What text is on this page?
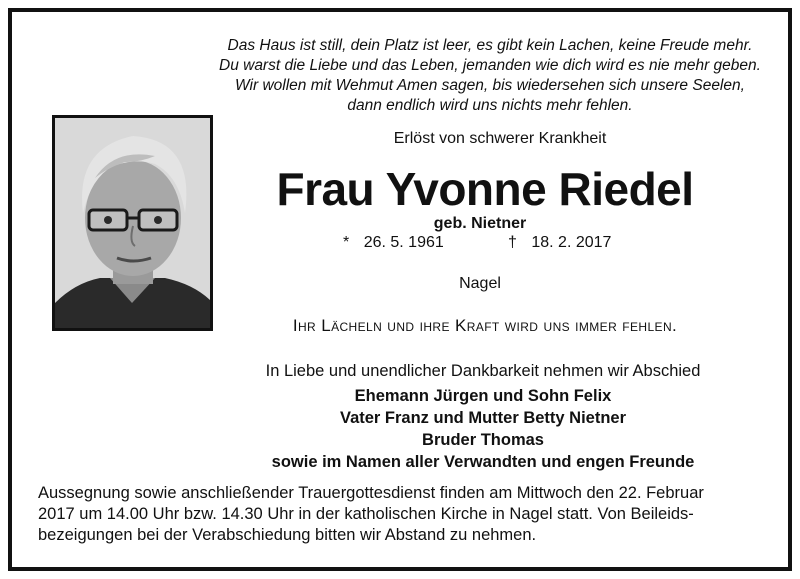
Das Haus ist still, dein Platz ist leer, es gibt kein Lachen, keine Freude mehr.
Du warst die Liebe und das Leben, jemanden wie dich wird es nie mehr geben.
Wir wollen mit Wehmut Amen sagen, bis wiedersehen sich unsere Seelen,
dann endlich wird uns nichts mehr fehlen.
Erlöst von schwerer Krankheit
Frau Yvonne Riedel
geb. Nietner
* 26. 5. 1961	† 18. 2. 2017
Nagel
Ihr Lächeln und ihre Kraft wird uns immer fehlen.
In Liebe und unendlicher Dankbarkeit nehmen wir Abschied
Ehemann Jürgen und Sohn Felix
Vater Franz und Mutter Betty Nietner
Bruder Thomas
sowie im Namen aller Verwandten und engen Freunde
Aussegnung sowie anschließender Trauergottesdienst finden am Mittwoch den 22. Februar
2017 um 14.00 Uhr bzw. 14.30 Uhr in der katholischen Kirche in Nagel statt. Von Beileids-
bezeigungen bei der Verabschiedung bitten wir Abstand zu nehmen.
